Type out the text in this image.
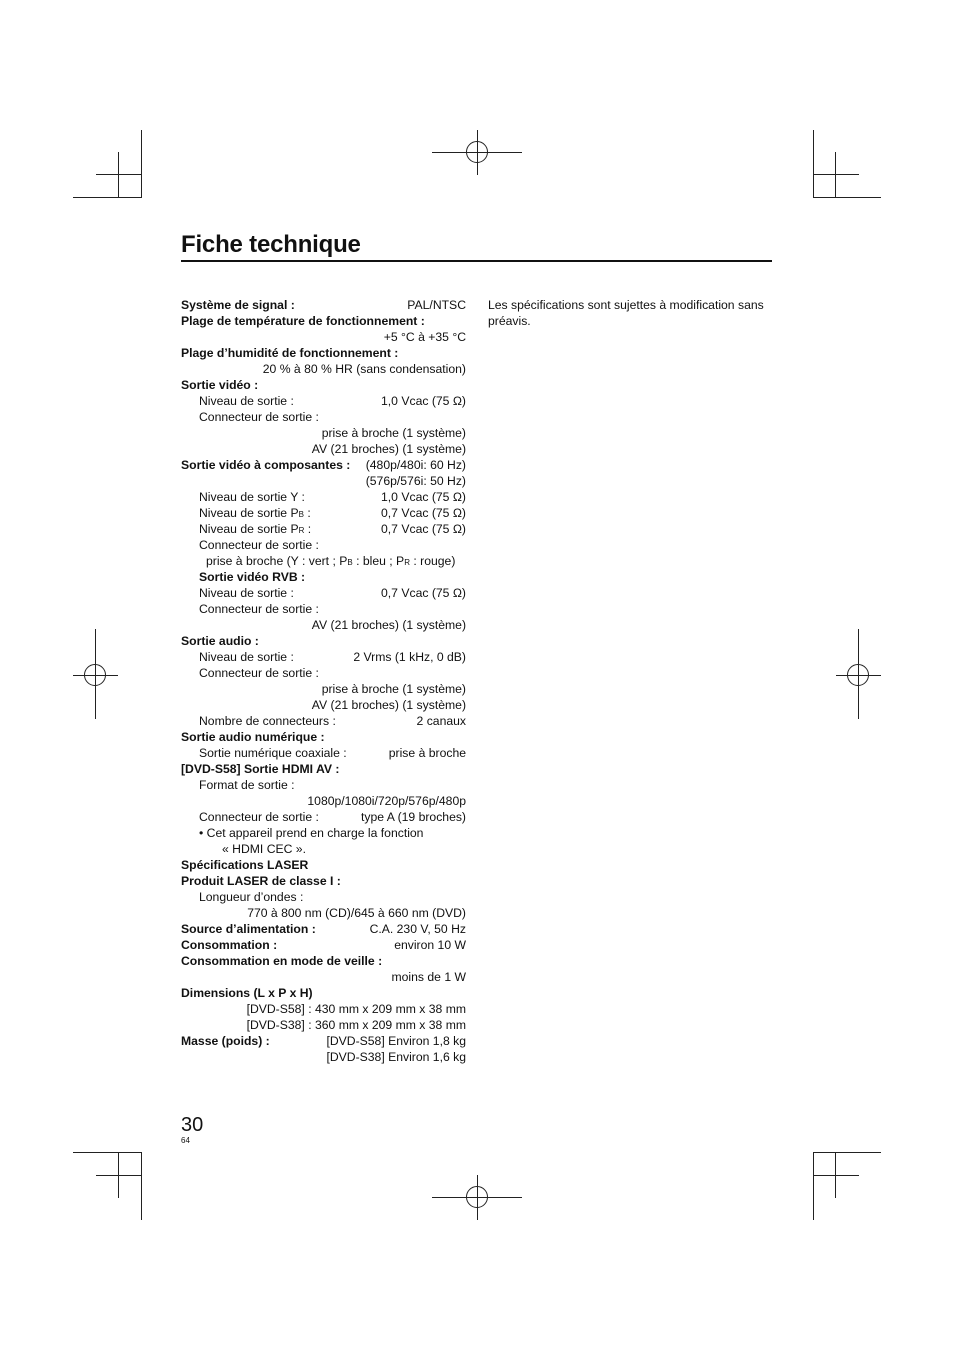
Fiche technique
Système de signal :	PAL/NTSC
Plage de température de fonctionnement :
+5 °C à +35 °C
Plage d’humidité de fonctionnement :
20 % à 80 % HR (sans condensation)
Sortie vidéo :
Niveau de sortie :	1,0 Vcac (75 Ω)
Connecteur de sortie :
prise à broche (1 système)
AV (21 broches) (1 système)
Sortie vidéo à composantes : (480p/480i: 60 Hz)
(576p/576i: 50 Hz)
Niveau de sortie Y :	1,0 Vcac (75 Ω)
Niveau de sortie PB :	0,7 Vcac (75 Ω)
Niveau de sortie PR :	0,7 Vcac (75 Ω)
Connecteur de sortie :
prise à broche (Y : vert ; PB : bleu ; PR : rouge)
Sortie vidéo RVB :
Niveau de sortie :	0,7 Vcac (75 Ω)
Connecteur de sortie :
AV (21 broches) (1 système)
Sortie audio :
Niveau de sortie :	2 Vrms (1 kHz, 0 dB)
Connecteur de sortie :
prise à broche (1 système)
AV (21 broches) (1 système)
Nombre de connecteurs :	2 canaux
Sortie audio numérique :
Sortie numérique coaxiale :	prise à broche
[DVD-S58] Sortie HDMI AV :
Format de sortie :
1080p/1080i/720p/576p/480p
Connecteur de sortie :	type A (19 broches)
• Cet appareil prend en charge la fonction
« HDMI CEC ».
Spécifications LASER
Produit LASER de classe I :
Longueur d’ondes :
770 à 800 nm (CD)/645 à 660 nm (DVD)
Source d’alimentation :	C.A. 230 V, 50 Hz
Consommation :	environ 10 W
Consommation en mode de veille :
moins de 1 W
Dimensions (L x P x H)
[DVD-S58] : 430 mm x 209 mm x 38 mm
[DVD-S38] : 360 mm x 209 mm x 38 mm
Masse (poids) :	[DVD-S58] Environ 1,8 kg
[DVD-S38] Environ 1,6 kg
Les spécifications sont sujettes à modification sans préavis.
30
64
